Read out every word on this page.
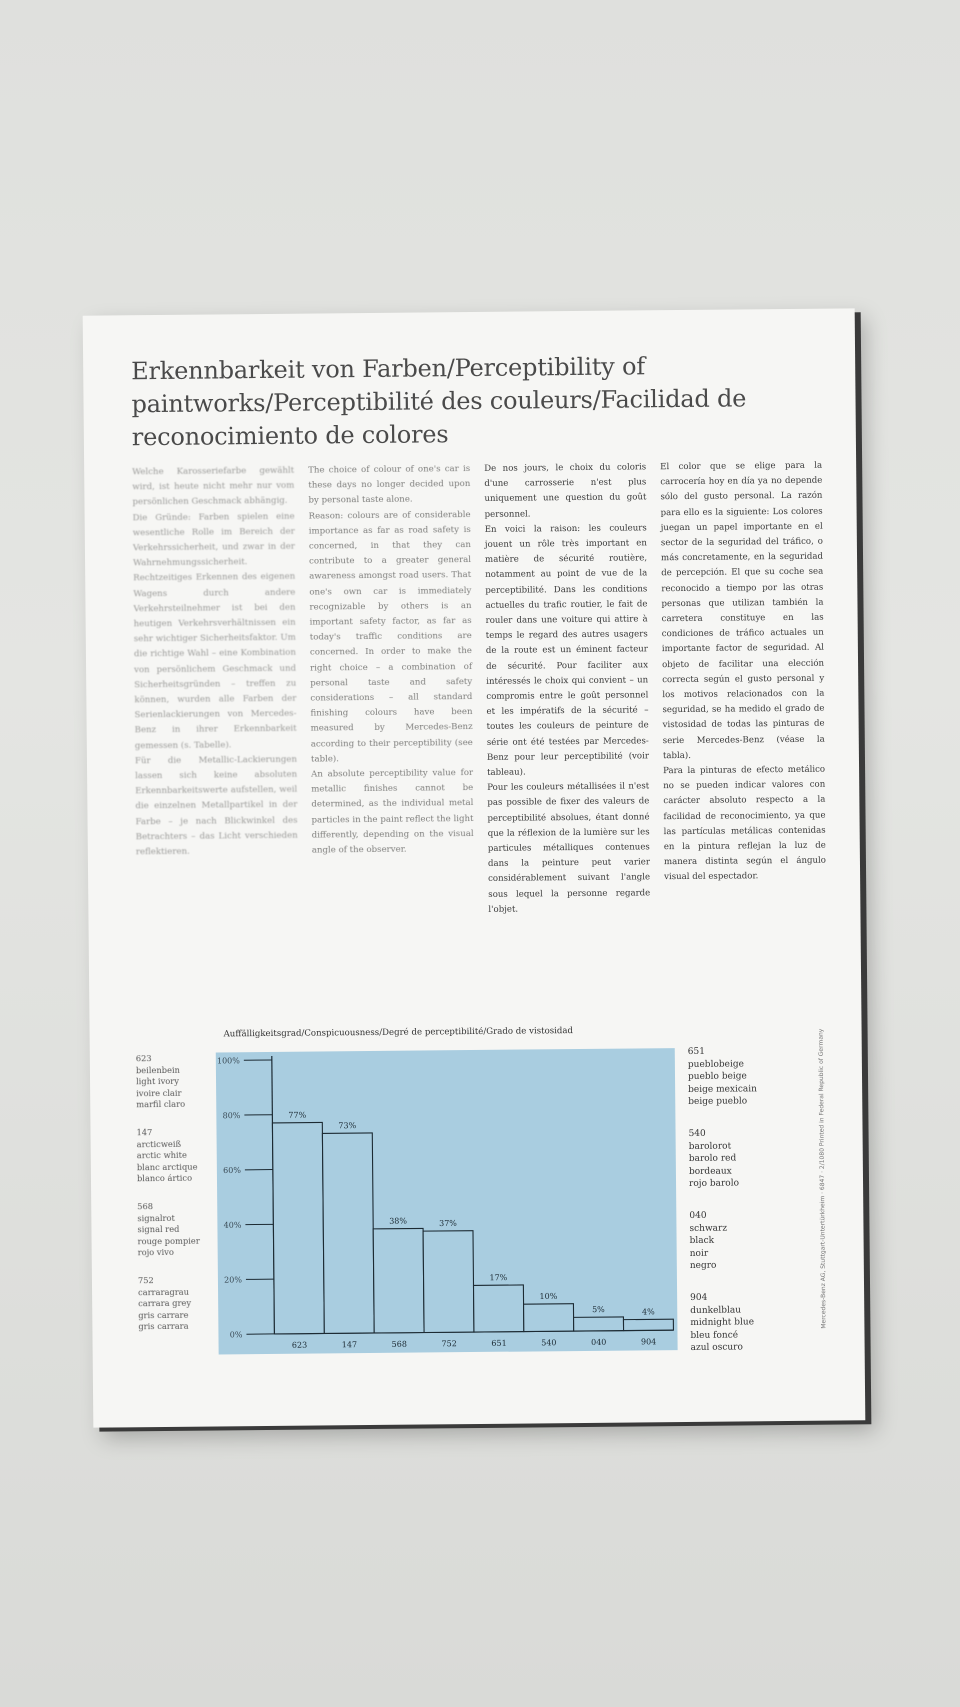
Erkennbarkeit von Farben/Perceptibility of paintworks/Perceptibilité des couleurs/Facilidad de reconocimiento de colores

Welche Karosseriefarbe gewählt wird, ist heute nicht mehr nur vom persönlichen Geschmack abhängig.

Die Gründe: Farben spielen eine wesentliche Rolle im Bereich der Verkehrssicherheit, und zwar in der Wahrnehmungssicherheit. Rechtzeitiges Erkennen des eigenen Wagens durch andere Verkehrsteilnehmer ist bei den heutigen Verkehrsverhältnissen ein sehr wichtiger Sicherheitsfaktor. Um die richtige Wahl – eine Kombination von persönlichem Geschmack und Sicherheitsgründen – treffen zu können, wurden alle Farben der Serienlackierungen von Mercedes-Benz in ihrer Erkennbarkeit gemessen (s. Tabelle).

Für die Metallic-Lackierungen lassen sich keine absoluten Erkennbarkeitswerte aufstellen, weil die einzelnen Metallpartikel in der Farbe – je nach Blickwinkel des Betrachters – das Licht verschieden reflektieren.

The choice of colour of one's car is these days no longer decided upon by personal taste alone.

Reason: colours are of considerable importance as far as road safety is concerned, in that they can contribute to a greater general awareness amongst road users. That one's own car is immediately recognizable by others is an important safety factor, as far as today's traffic conditions are concerned. In order to make the right choice – a combination of personal taste and safety considerations – all standard finishing colours have been measured by Mercedes-Benz according to their perceptibility (see table).

An absolute perceptibility value for metallic finishes cannot be determined, as the individual metal particles in the paint reflect the light differently, depending on the visual angle of the observer.

De nos jours, le choix du coloris d'une carrosserie n'est plus uniquement une question du goût personnel.

En voici la raison: les couleurs jouent un rôle très important en matière de sécurité routière, notamment au point de vue de la perceptibilité. Dans les conditions actuelles du trafic routier, le fait de rouler dans une voiture qui attire à temps le regard des autres usagers de la route est un éminent facteur de sécurité. Pour faciliter aux intéressés le choix qui convient – un compromis entre le goût personnel et les impératifs de la sécurité – toutes les couleurs de peinture de série ont été testées par Mercedes-Benz pour leur perceptibilité (voir tableau).

Pour les couleurs métallisées il n'est pas possible de fixer des valeurs de perceptibilité absolues, étant donné que la réflexion de la lumière sur les particules métalliques contenues dans la peinture peut varier considérablement suivant l'angle sous lequel la personne regarde l'objet.

El color que se elige para la carrocería hoy en día ya no depende sólo del gusto personal. La razón para ello es la siguiente: Los colores juegan un papel importante en el sector de la seguridad del tráfico, o más concretamente, en la seguridad de percepción. El que su coche sea reconocido a tiempo por las otras personas que utilizan también la carretera constituye en las condiciones de tráfico actuales un importante factor de seguridad. Al objeto de facilitar una elección correcta según el gusto personal y los motivos relacionados con la seguridad, se ha medido el grado de vistosidad de todas las pinturas de serie Mercedes-Benz (véase la tabla).

Para la pinturas de efecto metálico no se pueden indicar valores con carácter absoluto respecto a la facilidad de reconocimiento, ya que las partículas metálicas contenidas en la pintura reflejan la luz de manera distinta según el ángulo visual del espectador.

Auffälligkeitsgrad/Conspicuousness/Degré de perceptibilité/Grado de vistosidad
0%
20%
40%
60%
80%
100%
77%
623
73%
147
38%
568
37%
752
17%
651
10%
540
5%
040
4%
904
623
beilenbein
light ivory
ivoire clair
marfil claro
147
arcticweiß
arctic white
blanc arctique
blanco ártico
568
signalrot
signal red
rouge pompier
rojo vivo
752
carraragrau
carrara grey
gris carrare
gris carrara
651
pueblobeige
pueblo beige
beige mexicain
beige pueblo
540
barolorot
barolo red
bordeaux
rojo barolo
040
schwarz
black
noir
negro
904
dunkelblau
midnight blue
bleu foncé
azul oscuro
Mercedes-Benz AG, Stuttgart-Untertürkheim · 6847 · 2/1080 Printed in Federal Republic of Germany
